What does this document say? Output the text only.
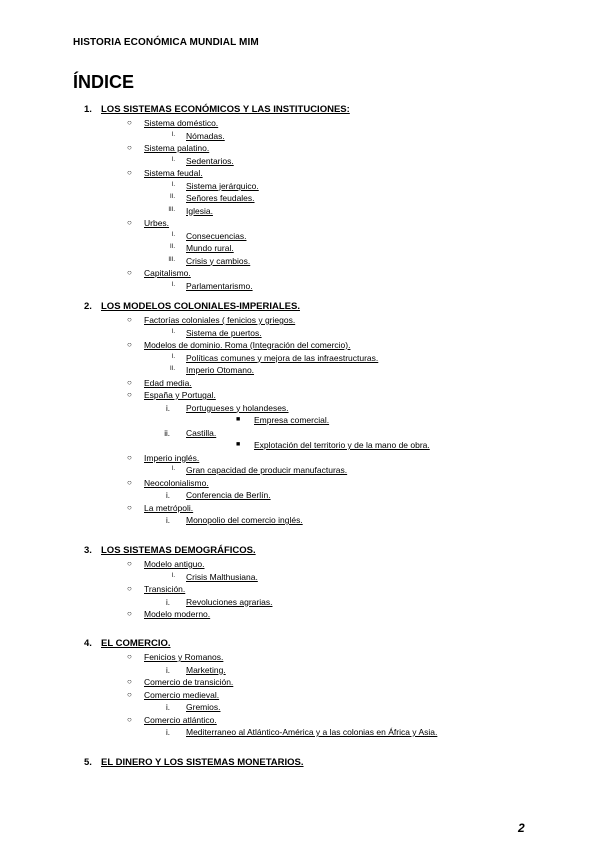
HISTORIA ECONÓMICA MUNDIAL MIM
ÍNDICE
1. LOS SISTEMAS ECONÓMICOS Y LAS INSTITUCIONES:
○ Sistema doméstico.
I. Nómadas.
○ Sistema palatino.
I. Sedentarios.
○ Sistema feudal.
I. Sistema jerárquico.
II. Señores feudales.
III. Iglesia.
○ Urbes.
I. Consecuencias.
II. Mundo rural.
III. Crisis y cambios.
○ Capitalismo.
I. Parlamentarismo.
2. LOS MODELOS COLONIALES-IMPERIALES.
○ Factorías coloniales ( fenicios y griegos.
I. Sistema de puertos.
○ Modelos de dominio. Roma (Integración del comercio).
I. Políticas comunes y mejora de las infraestructuras.
II. Imperio Otomano.
○ Edad media.
○ España y Portugal.
i. Portugueses y holandeses.
■ Empresa comercial.
ii. Castilla.
■ Explotación del territorio y de la mano de obra.
○ Imperio inglés.
I. Gran capacidad de producir manufacturas.
○ Neocolonialismo.
i. Conferencia de Berlín.
○ La metrópoli.
i. Monopolio del comercio inglés.
3. LOS SISTEMAS DEMOGRÁFICOS.
○ Modelo antiguo.
I. Crisis Malthusiana.
○ Transición.
i. Revoluciones agrarias.
○ Modelo moderno.
4. EL COMERCIO.
○ Fenicios y Romanos.
i. Marketing.
○ Comercio de transición.
○ Comercio medieval.
i. Gremios.
○ Comercio atlántico.
i. Mediterraneo al Atlántico-América y a las colonias en África y Asia.
5. EL DINERO Y LOS SISTEMAS MONETARIOS.
2
